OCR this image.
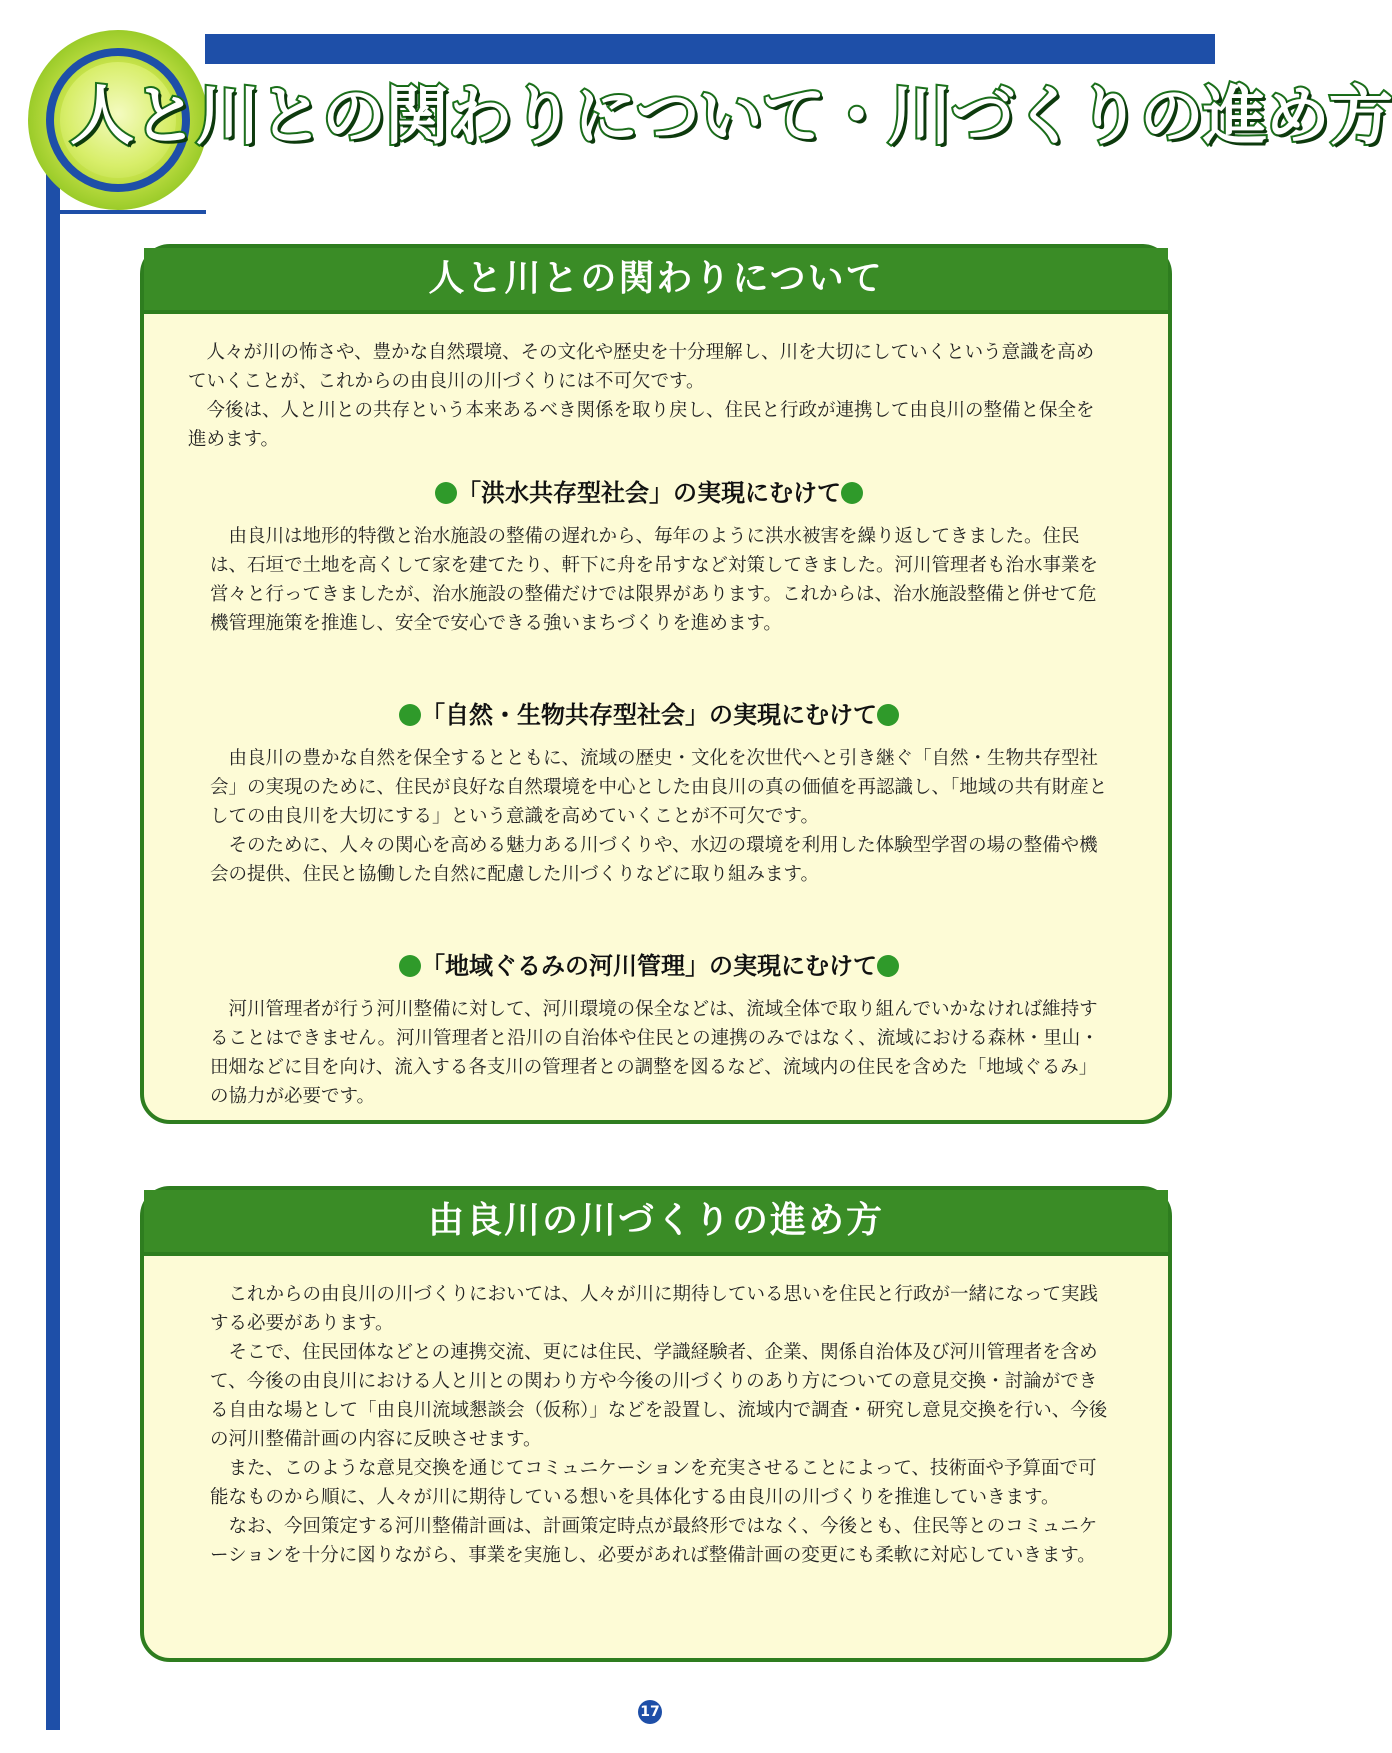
人と川との関わりについて・川づくりの進め方
人と川との関わりについて

人々が川の怖さや、豊かな自然環境、その文化や歴史を十分理解し、川を大切にしていくという意識を高めていくことが、これからの由良川の川づくりには不可欠です。

今後は、人と川との共存という本来あるべき関係を取り戻し、住民と行政が連携して由良川の整備と保全を進めます。

「洪水共存型社会」の実現にむけて

由良川は地形的特徴と治水施設の整備の遅れから、毎年のように洪水被害を繰り返してきました。住民は、石垣で土地を高くして家を建てたり、軒下に舟を吊すなど対策してきました。河川管理者も治水事業を営々と行ってきましたが、治水施設の整備だけでは限界があります。これからは、治水施設整備と併せて危機管理施策を推進し、安全で安心できる強いまちづくりを進めます。

「自然・生物共存型社会」の実現にむけて

由良川の豊かな自然を保全するとともに、流域の歴史・文化を次世代へと引き継ぐ「自然・生物共存型社会」の実現のために、住民が良好な自然環境を中心とした由良川の真の価値を再認識し、「地域の共有財産としての由良川を大切にする」という意識を高めていくことが不可欠です。

そのために、人々の関心を高める魅力ある川づくりや、水辺の環境を利用した体験型学習の場の整備や機会の提供、住民と協働した自然に配慮した川づくりなどに取り組みます。

「地域ぐるみの河川管理」の実現にむけて

河川管理者が行う河川整備に対して、河川環境の保全などは、流域全体で取り組んでいかなければ維持することはできません。河川管理者と沿川の自治体や住民との連携のみではなく、流域における森林・里山・田畑などに目を向け、流入する各支川の管理者との調整を図るなど、流域内の住民を含めた「地域ぐるみ」の協力が必要です。

由良川の川づくりの進め方

これからの由良川の川づくりにおいては、人々が川に期待している思いを住民と行政が一緒になって実践する必要があります。

そこで、住民団体などとの連携交流、更には住民、学識経験者、企業、関係自治体及び河川管理者を含めて、今後の由良川における人と川との関わり方や今後の川づくりのあり方についての意見交換・討論ができる自由な場として「由良川流域懇談会（仮称）」などを設置し、流域内で調査・研究し意見交換を行い、今後の河川整備計画の内容に反映させます。

また、このような意見交換を通じてコミュニケーションを充実させることによって、技術面や予算面で可能なものから順に、人々が川に期待している想いを具体化する由良川の川づくりを推進していきます。

なお、今回策定する河川整備計画は、計画策定時点が最終形ではなく、今後とも、住民等とのコミュニケーションを十分に図りながら、事業を実施し、必要があれば整備計画の変更にも柔軟に対応していきます。

17
